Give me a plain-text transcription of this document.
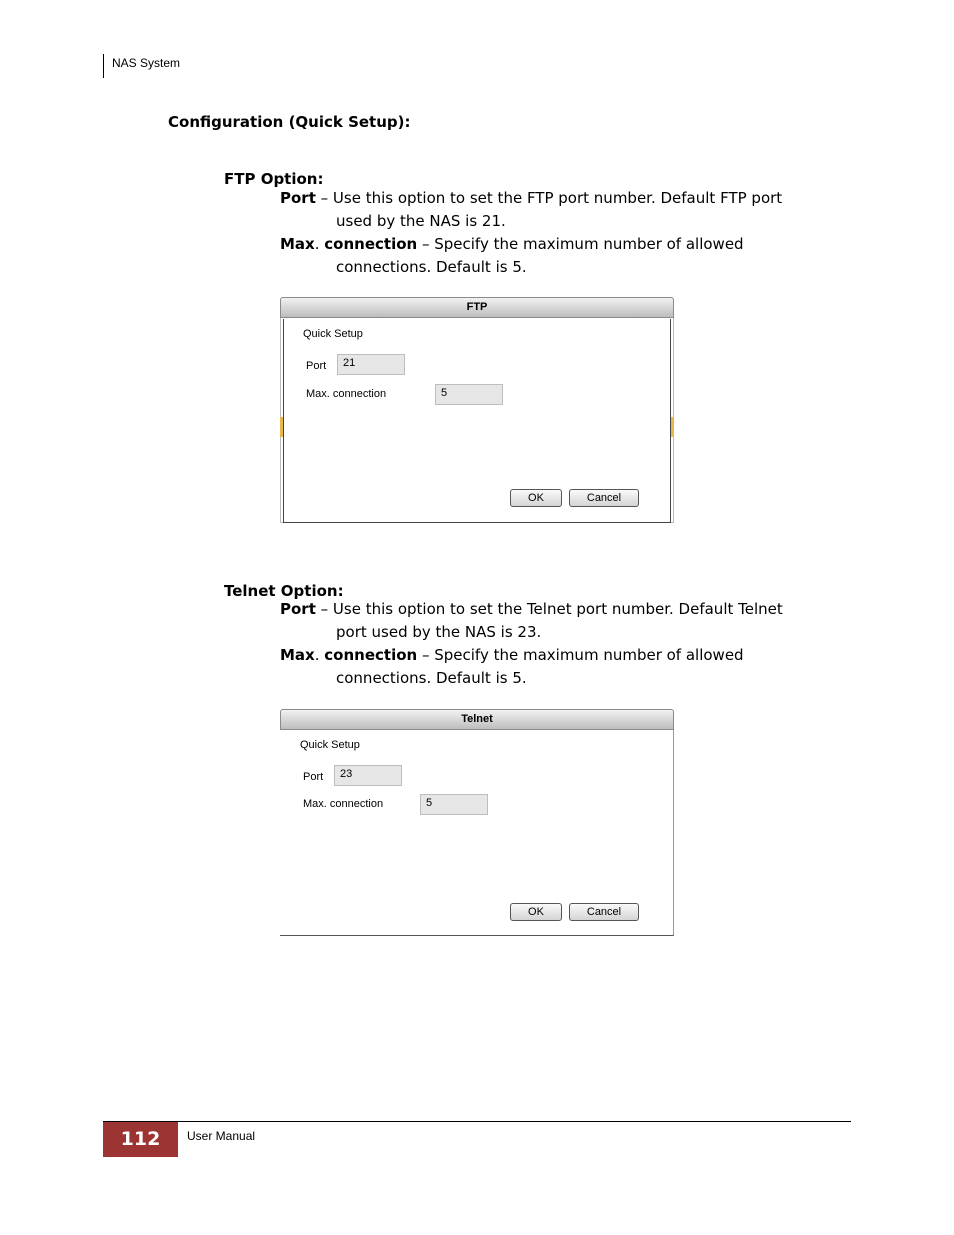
NAS System
Configuration (Quick Setup):
FTP Option:
Port – Use this option to set the FTP port number. Default FTP port
used by the NAS is 21.
Max. connection – Specify the maximum number of allowed
connections. Default is 5.
FTP
Quick Setup
Port	21
Max. connection	5
OK	Cancel
Telnet Option:
Port – Use this option to set the Telnet port number. Default Telnet
port used by the NAS is 23.
Max. connection – Specify the maximum number of allowed
connections. Default is 5.
Telnet
Quick Setup
Port	23
Max. connection	5
OK	Cancel
112	User Manual
